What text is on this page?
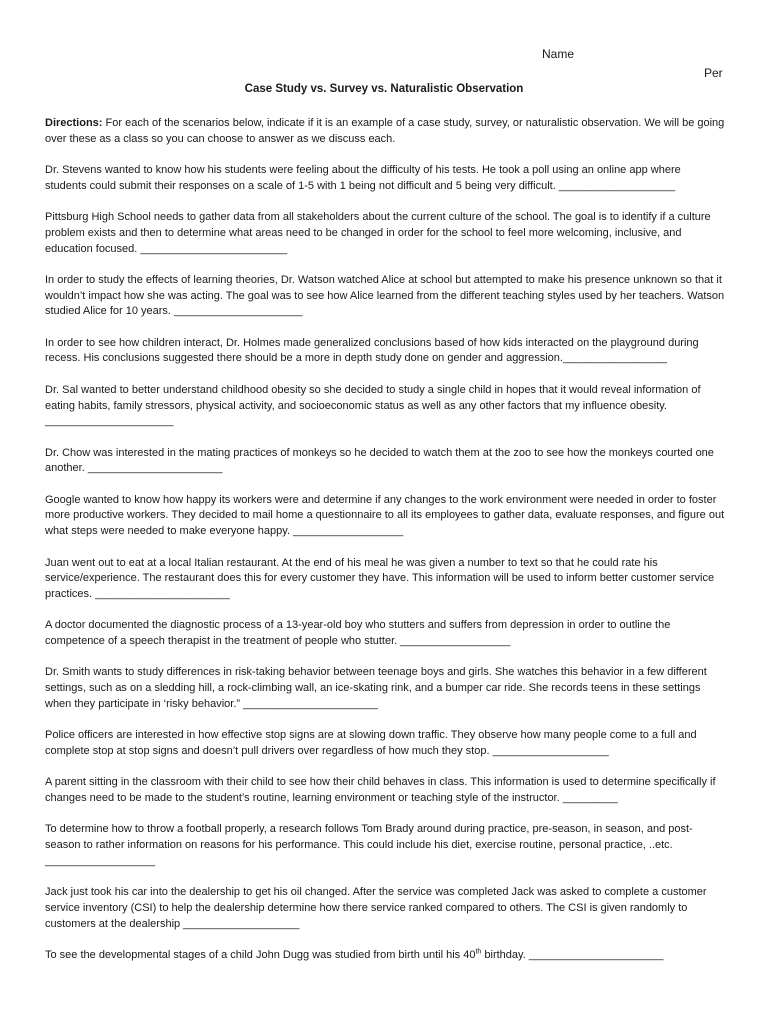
Name
Per
Case Study vs. Survey vs. Naturalistic Observation

Directions: For each of the scenarios below, indicate if it is an example of a case study, survey, or naturalistic observation. We will be going over these as a class so you can choose to answer as we discuss each.

Dr. Stevens wanted to know how his students were feeling about the difficulty of his tests. He took a poll using an online app where students could submit their responses on a scale of 1-5 with 1 being not difficult and 5 being very difficult. ___________________

Pittsburg High School needs to gather data from all stakeholders about the current culture of the school. The goal is to identify if a culture problem exists and then to determine what areas need to be changed in order for the school to feel more welcoming, inclusive, and education focused. ________________________

In order to study the effects of learning theories, Dr. Watson watched Alice at school but attempted to make his presence unknown so that it wouldn’t impact how she was acting. The goal was to see how Alice learned from the different teaching styles used by her teachers. Watson studied Alice for 10 years. _____________________

In order to see how children interact, Dr. Holmes made generalized conclusions based of how kids interacted on the playground during recess. His conclusions suggested there should be a more in depth study done on gender and aggression._________________

Dr. Sal wanted to better understand childhood obesity so she decided to study a single child in hopes that it would reveal information of eating habits, family stressors, physical activity, and socioeconomic status as well as any other factors that my influence obesity. _____________________

Dr. Chow was interested in the mating practices of monkeys so he decided to watch them at the zoo to see how the monkeys courted one another. ______________________

Google wanted to know how happy its workers were and determine if any changes to the work environment were needed in order to foster more productive workers. They decided to mail home a questionnaire to all its employees to gather data, evaluate responses, and figure out what steps were needed to make everyone happy. __________________

Juan went out to eat at a local Italian restaurant. At the end of his meal he was given a number to text so that he could rate his service/experience. The restaurant does this for every customer they have. This information will be used to inform better customer service practices. ______________________

A doctor documented the diagnostic process of a 13-year-old boy who stutters and suffers from depression in order to outline the competence of a speech therapist in the treatment of people who stutter. __________________

Dr. Smith wants to study differences in risk-taking behavior between teenage boys and girls. She watches this behavior in a few different settings, such as on a sledding hill, a rock-climbing wall, an ice-skating rink, and a bumper car ride. She records teens in these settings when they participate in ‘risky behavior.” ______________________

Police officers are interested in how effective stop signs are at slowing down traffic. They observe how many people come to a full and complete stop at stop signs and doesn’t pull drivers over regardless of how much they stop. ___________________

A parent sitting in the classroom with their child to see how their child behaves in class. This information is used to determine specifically if changes need to be made to the student’s routine, learning environment or teaching style of the instructor. _________

To determine how to throw a football properly, a research follows Tom Brady around during practice, pre-season, in season, and post-season to rather information on reasons for his performance. This could include his diet, exercise routine, personal practice, ..etc. __________________

Jack just took his car into the dealership to get his oil changed. After the service was completed Jack was asked to complete a customer service inventory (CSI) to help the dealership determine how there service ranked compared to others. The CSI is given randomly to customers at the dealership ___________________

To see the developmental stages of a child John Dugg was studied from birth until his 40th birthday. ______________________
